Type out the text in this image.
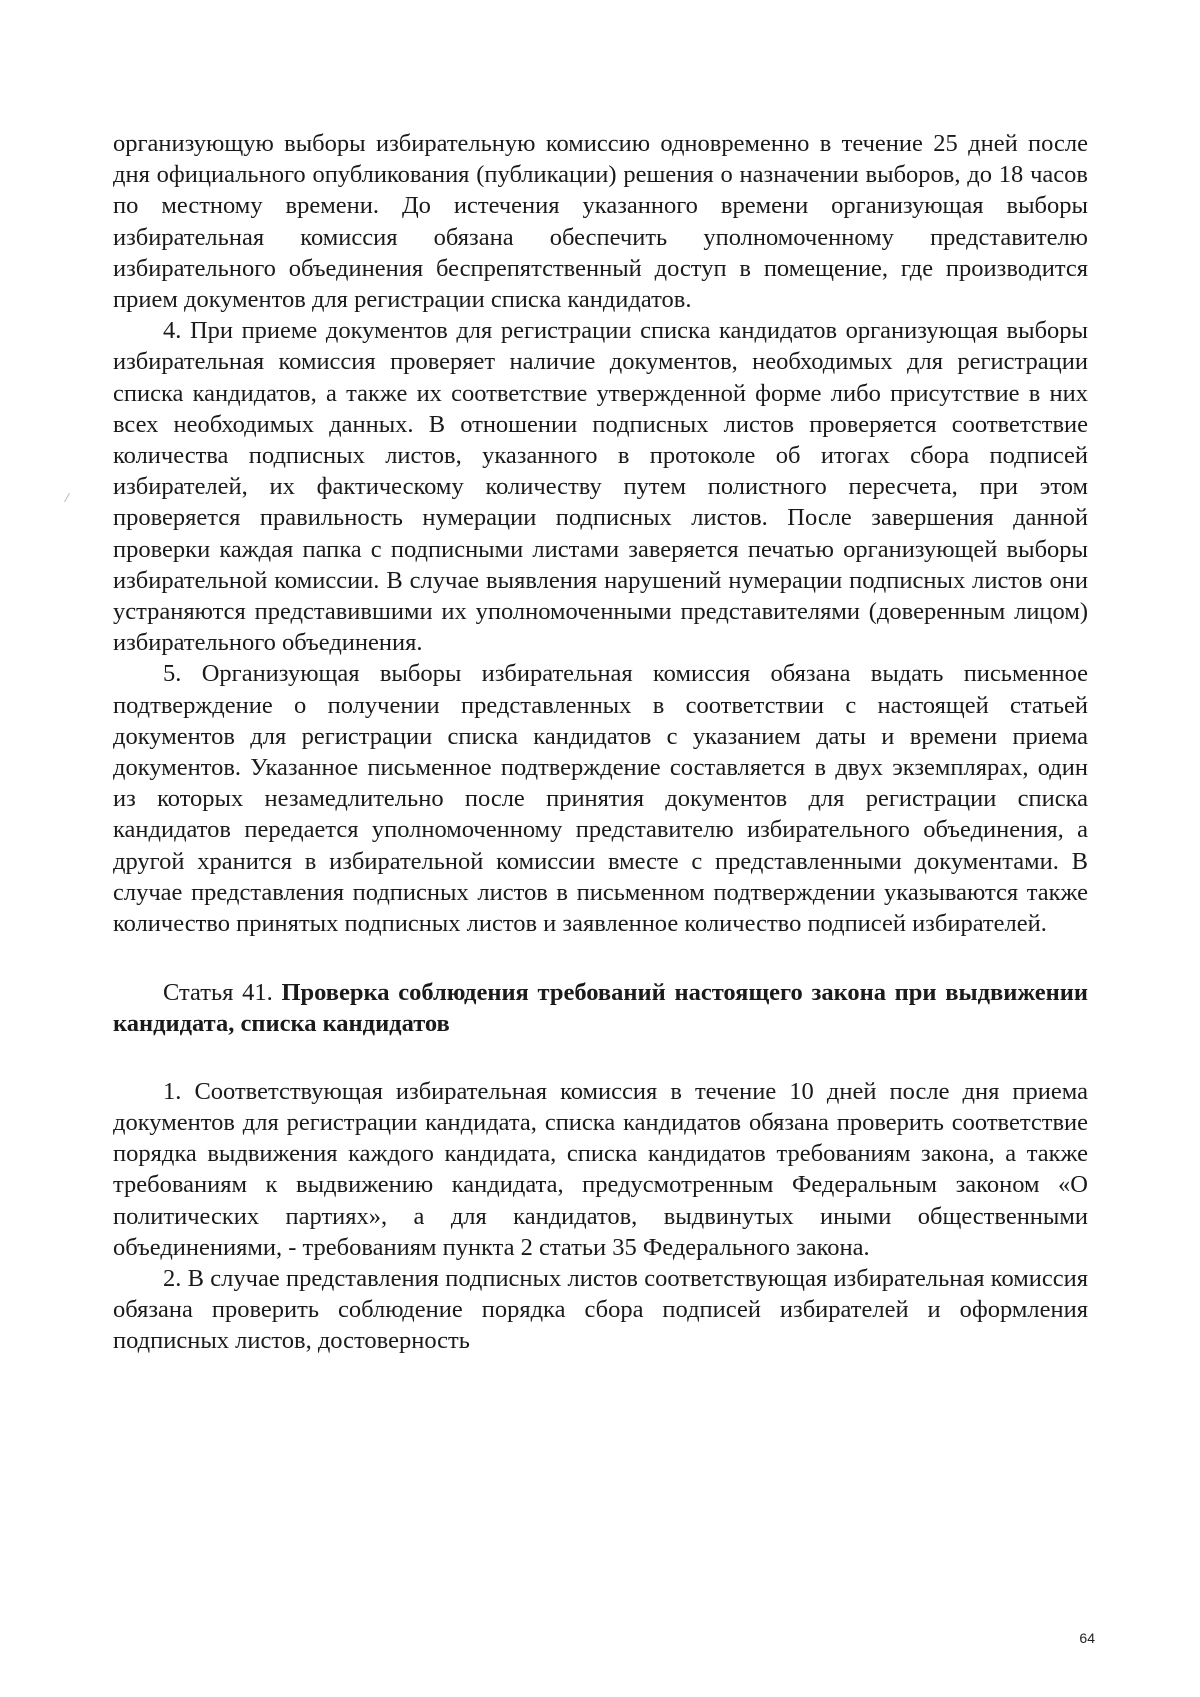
организующую выборы избирательную комиссию одновременно в течение 25 дней после дня официального опубликования (публикации) решения о назначении выборов, до 18 часов по местному времени. До истечения указанного времени организующая выборы избирательная комиссия обязана обеспечить уполномоченному представителю избирательного объединения беспрепятственный доступ в помещение, где производится прием документов для регистрации списка кандидатов.

4. При приеме документов для регистрации списка кандидатов организующая выборы избирательная комиссия проверяет наличие документов, необходимых для регистрации списка кандидатов, а также их соответствие утвержденной форме либо присутствие в них всех необходимых данных. В отношении подписных листов проверяется соответствие количества подписных листов, указанного в протоколе об итогах сбора подписей избирателей, их фактическому количеству путем полистного пересчета, при этом проверяется правильность нумерации подписных листов. После завершения данной проверки каждая папка с подписными листами заверяется печатью организующей выборы избирательной комиссии. В случае выявления нарушений нумерации подписных листов они устраняются представившими их уполномоченными представителями (доверенным лицом) избирательного объединения.

5. Организующая выборы избирательная комиссия обязана выдать письменное подтверждение о получении представленных в соответствии с настоящей статьей документов для регистрации списка кандидатов с указанием даты и времени приема документов. Указанное письменное подтверждение составляется в двух экземплярах, один из которых незамедлительно после принятия документов для регистрации списка кандидатов передается уполномоченному представителю избирательного объединения, а другой хранится в избирательной комиссии вместе с представленными документами. В случае представления подписных листов в письменном подтверждении указываются также количество принятых подписных листов и заявленное количество подписей избирателей.

Статья 41. Проверка соблюдения требований настоящего закона при выдвижении кандидата, списка кандидатов

1. Соответствующая избирательная комиссия в течение 10 дней после дня приема документов для регистрации кандидата, списка кандидатов обязана проверить соответствие порядка выдвижения каждого кандидата, списка кандидатов требованиям закона, а также требованиям к выдвижению кандидата, предусмотренным Федеральным законом «О политических партиях», а для кандидатов, выдвинутых иными общественными объединениями, - требованиям пункта 2 статьи 35 Федерального закона.

2. В случае представления подписных листов соответствующая избирательная комиссия обязана проверить соблюдение порядка сбора подписей избирателей и оформления подписных листов, достоверность

64
